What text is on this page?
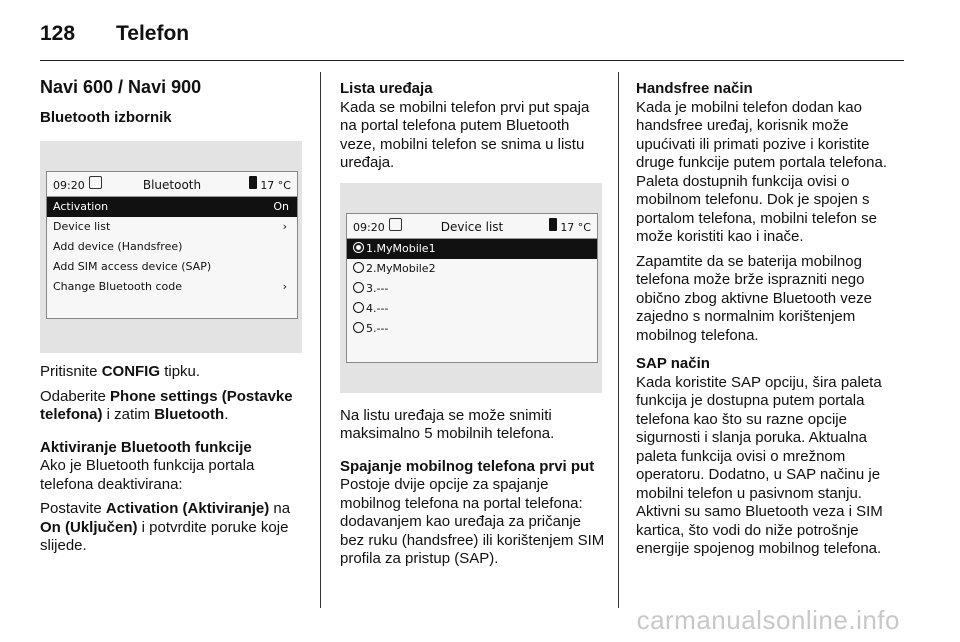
128 Telefon
Navi 600 / Navi 900
Bluetooth izbornik
09:20	Bluetooth	17 °C
Activation	On
Device list	›
Add device (Handsfree)
Add SIM access device (SAP)
Change Bluetooth code	›

Pritisnite CONFIG tipku.

Odaberite Phone settings (Postavke telefona) i zatim Bluetooth.

Aktiviranje Bluetooth funkcije

Ako je Bluetooth funkcija portala telefona deaktivirana:

Postavite Activation (Aktiviranje) na On (Uključen) i potvrdite poruke koje slijede.

Lista uređaja

Kada se mobilni telefon prvi put spaja na portal telefona putem Bluetooth veze, mobilni telefon se snima u listu uređaja.

09:20	Device list	17 °C
1.MyMobile1
2.MyMobile2
3.---
4.---
5.---

Na listu uređaja se može snimiti maksimalno 5 mobilnih telefona.

Spajanje mobilnog telefona prvi put

Postoje dvije opcije za spajanje mobilnog telefona na portal telefona: dodavanjem kao uređaja za pričanje bez ruku (handsfree) ili korištenjem SIM profila za pristup (SAP).

Handsfree način

Kada je mobilni telefon dodan kao handsfree uređaj, korisnik može upućivati ili primati pozive i koristite druge funkcije putem portala telefona. Paleta dostupnih funkcija ovisi o mobilnom telefonu. Dok je spojen s portalom telefona, mobilni telefon se može koristiti kao i inače.

Zapamtite da se baterija mobilnog telefona može brže isprazniti nego obično zbog aktivne Bluetooth veze zajedno s normalnim korištenjem mobilnog telefona.

SAP način

Kada koristite SAP opciju, šira paleta funkcija je dostupna putem portala telefona kao što su razne opcije sigurnosti i slanja poruka. Aktualna paleta funkcija ovisi o mrežnom operatoru. Dodatno, u SAP načinu je mobilni telefon u pasivnom stanju. Aktivni su samo Bluetooth veza i SIM kartica, što vodi do niže potrošnje energije spojenog mobilnog telefona.

carmanualsonline.info
